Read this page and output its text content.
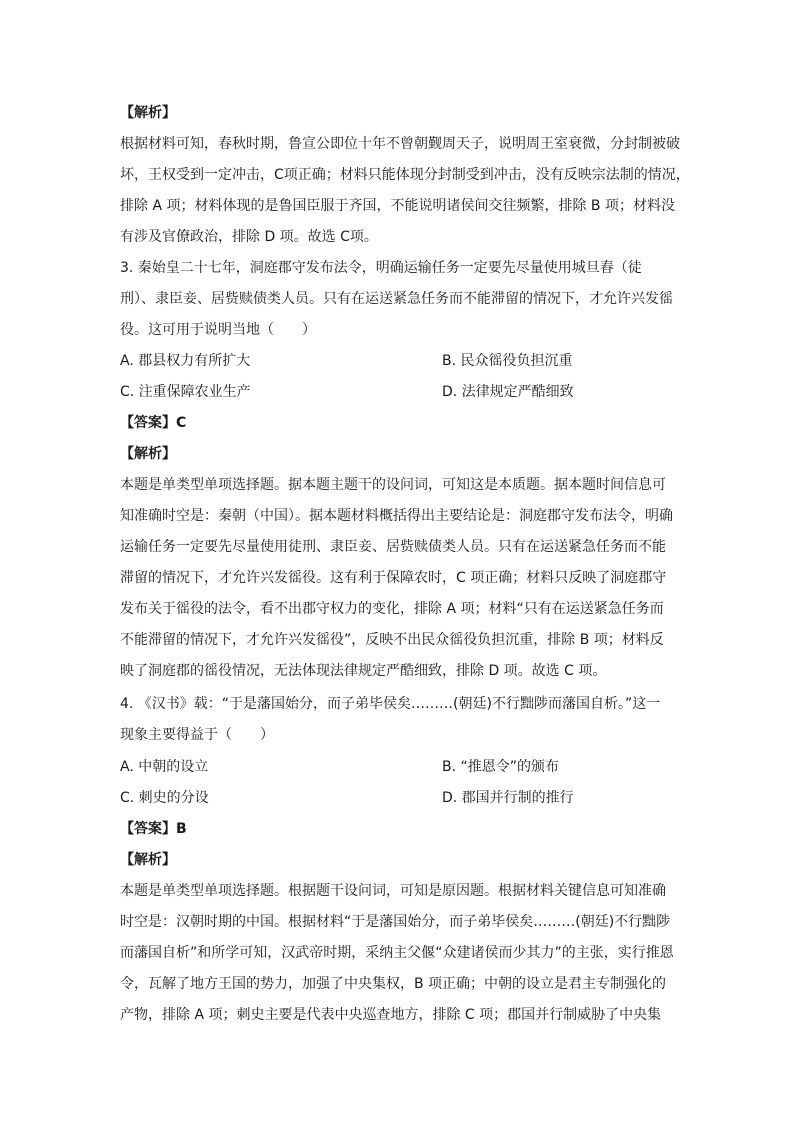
【解析】
根据材料可知，春秋时期，鲁宣公即位十年不曾朝觐周天子，说明周王室衰微，分封制被破
坏，王权受到一定冲击，C项正确；材料只能体现分封制受到冲击，没有反映宗法制的情况，
排除 A 项；材料体现的是鲁国臣服于齐国，不能说明诸侯间交往频繁，排除 B 项；材料没
有涉及官僚政治，排除 D 项。故选 C项。
3. 秦始皇二十七年，洞庭郡守发布法令，明确运输任务一定要先尽量使用城旦舂（徒
刑）、隶臣妾、居赀赎债类人员。只有在运送紧急任务而不能滞留的情况下，才允许兴发徭
役。这可用于说明当地（　　）
A. 郡县权力有所扩大	B. 民众徭役负担沉重
C. 注重保障农业生产	D. 法律规定严酷细致
【答案】C
【解析】
本题是单类型单项选择题。据本题主题干的设问词，可知这是本质题。据本题时间信息可
知准确时空是：秦朝（中国）。据本题材料概括得出主要结论是：洞庭郡守发布法令，明确
运输任务一定要先尽量使用徒刑、隶臣妾、居赀赎债类人员。只有在运送紧急任务而不能
滞留的情况下，才允许兴发徭役。这有利于保障农时，C 项正确；材料只反映了洞庭郡守
发布关于徭役的法令，看不出郡守权力的变化，排除 A 项；材料“只有在运送紧急任务而
不能滞留的情况下，才允许兴发徭役”，反映不出民众徭役负担沉重，排除 B 项；材料反
映了洞庭郡的徭役情况，无法体现法律规定严酷细致，排除 D 项。故选 C 项。
4. 《汉书》载：“于是藩国始分，而子弟毕侯矣………(朝廷)不行黜陟而藩国自析。”这一
现象主要得益于（　　）
A. 中朝的设立	B. “推恩令”的颁布
C. 刺史的分设	D. 郡国并行制的推行
【答案】B
【解析】
本题是单类型单项选择题。根据题干设问词，可知是原因题。根据材料关键信息可知准确
时空是：汉朝时期的中国。根据材料“于是藩国始分，而子弟毕侯矣………(朝廷)不行黜陟
而藩国自析”和所学可知，汉武帝时期，采纳主父偃“众建诸侯而少其力”的主张，实行推恩
令，瓦解了地方王国的势力，加强了中央集权，B 项正确；中朝的设立是君主专制强化的
产物，排除 A 项；刺史主要是代表中央巡查地方，排除 C 项；郡国并行制威胁了中央集
